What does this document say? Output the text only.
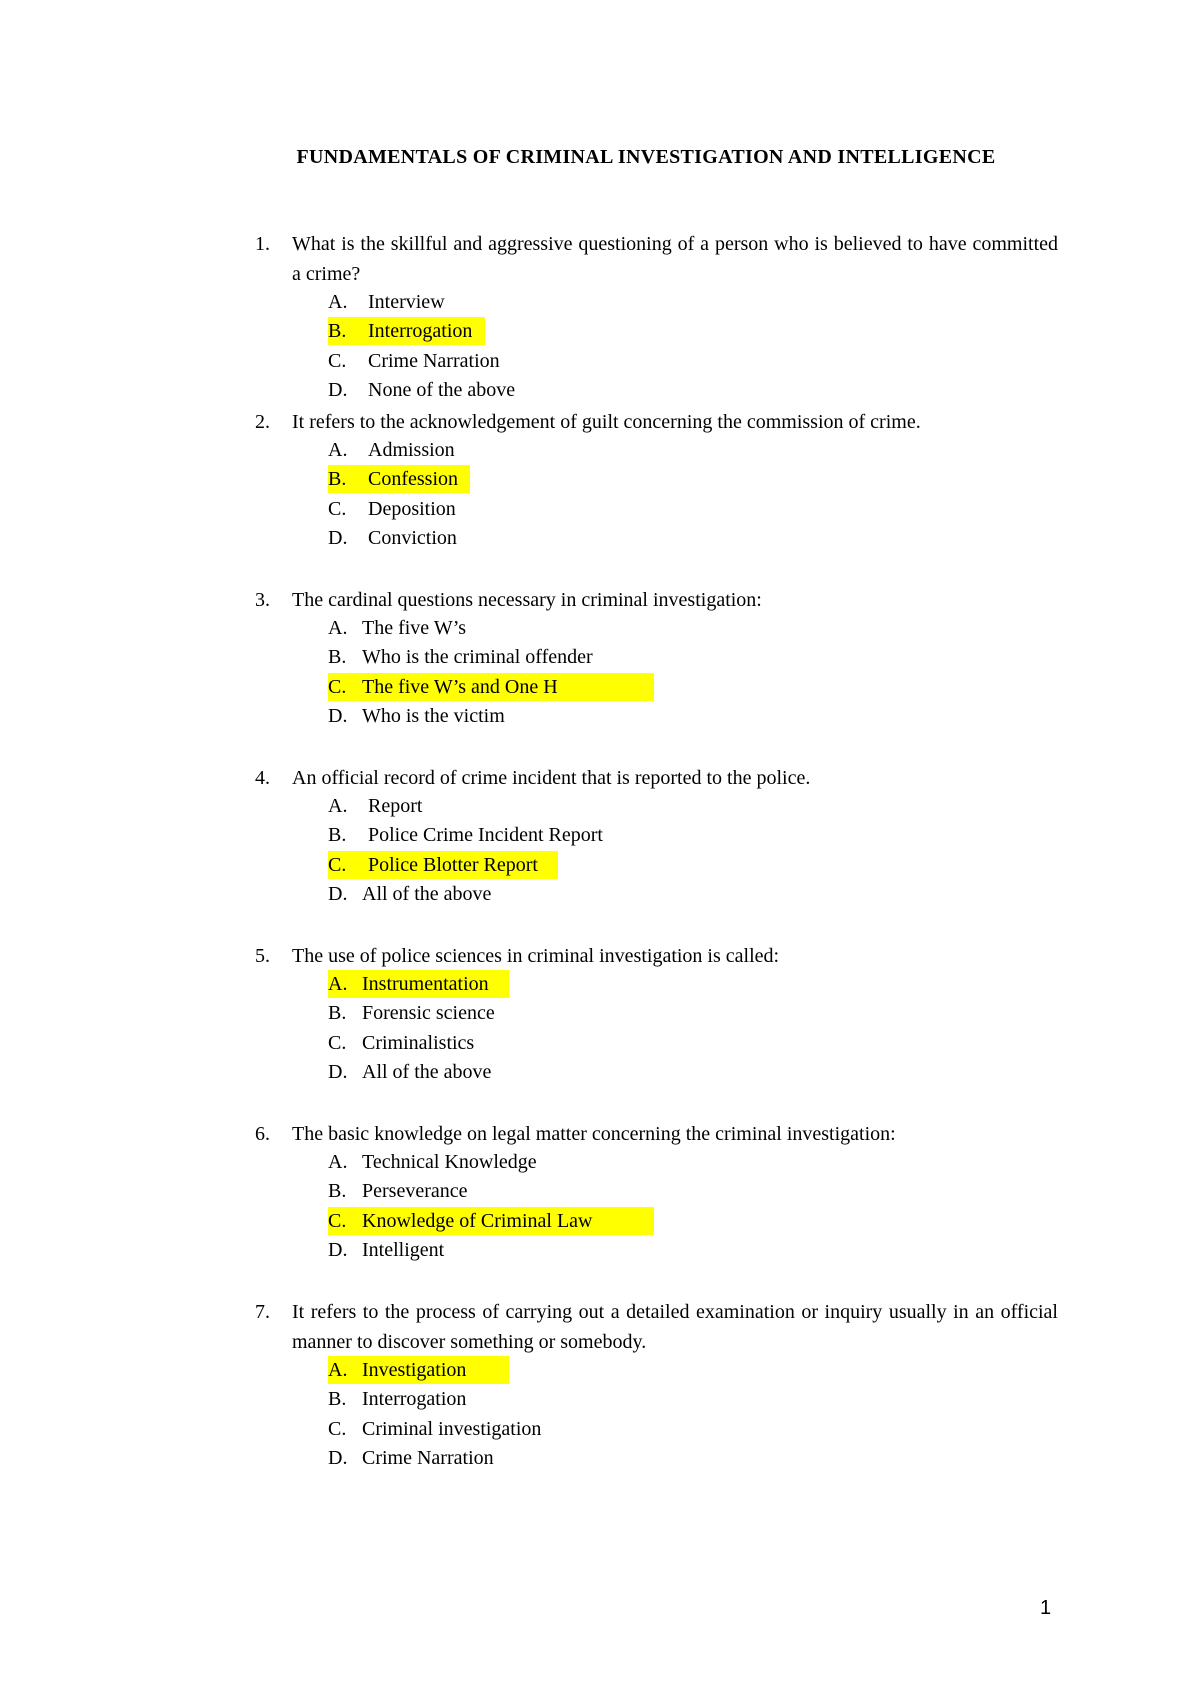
FUNDAMENTALS OF CRIMINAL INVESTIGATION AND INTELLIGENCE
1. What is the skillful and aggressive questioning of a person who is believed to have committed a crime?
A. Interview
B. Interrogation
C. Crime Narration
D. None of the above
2. It refers to the acknowledgement of guilt concerning the commission of crime.
A. Admission
B. Confession
C. Deposition
D. Conviction
3. The cardinal questions necessary in criminal investigation:
A. The five W’s
B. Who is the criminal offender
C. The five W’s and One H
D. Who is the victim
4. An official record of crime incident that is reported to the police.
A. Report
B. Police Crime Incident Report
C. Police Blotter Report
D. All of the above
5. The use of police sciences in criminal investigation is called:
A. Instrumentation
B. Forensic science
C. Criminalistics
D. All of the above
6. The basic knowledge on legal matter concerning the criminal investigation:
A. Technical Knowledge
B. Perseverance
C. Knowledge of Criminal Law
D. Intelligent
7. It refers to the process of carrying out a detailed examination or inquiry usually in an official manner to discover something or somebody.
A. Investigation
B. Interrogation
C. Criminal investigation
D. Crime Narration
1
